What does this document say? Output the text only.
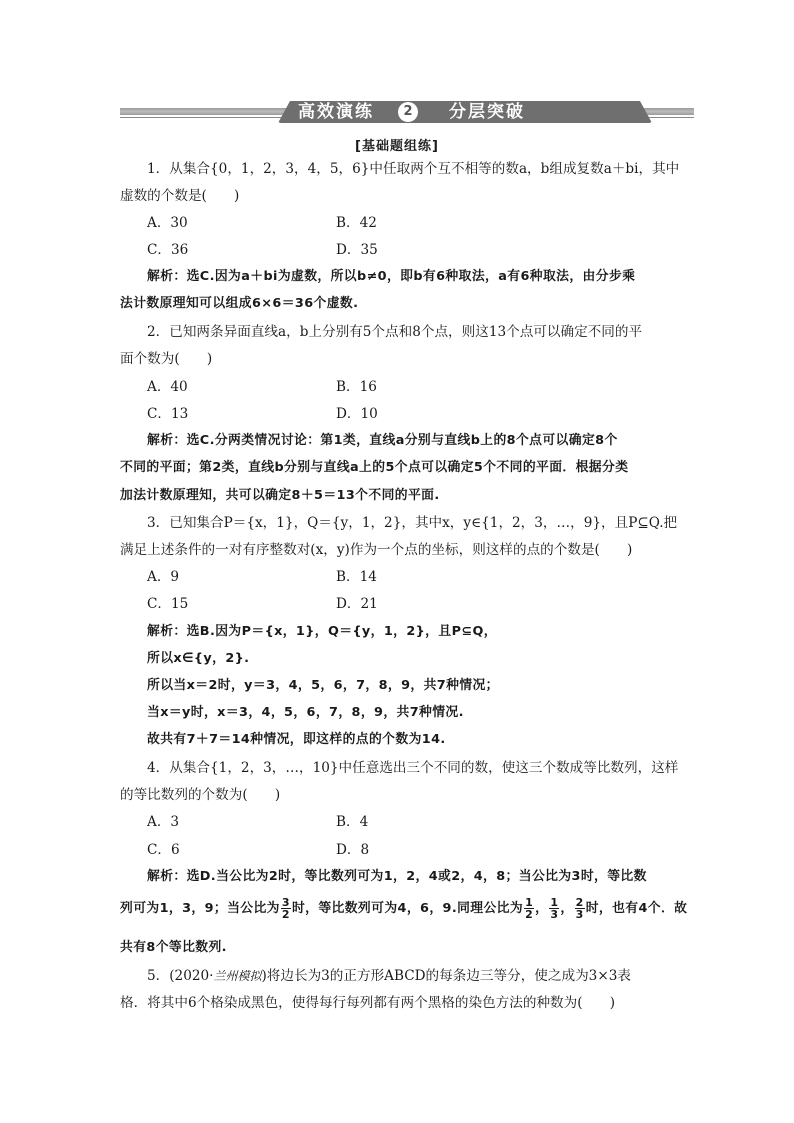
高效演练	2	分层突破
[基础题组练]
1．从集合{0，1，2，3，4，5，6}中任取两个互不相等的数a，b组成复数a＋bi，其中
虚数的个数是(　　)
A．30	B．42
C．36	D．35
解析：选C.因为a＋bi为虚数，所以b≠0，即b有6种取法，a有6种取法，由分步乘
法计数原理知可以组成6×6＝36个虚数.
2．已知两条异面直线a，b上分别有5个点和8个点，则这13个点可以确定不同的平
面个数为(　　)
A．40	B．16
C．13	D．10
解析：选C.分两类情况讨论：第1类，直线a分别与直线b上的8个点可以确定8个
不同的平面；第2类，直线b分别与直线a上的5个点可以确定5个不同的平面．根据分类
加法计数原理知，共可以确定8＋5＝13个不同的平面.
3．已知集合P＝{x，1}，Q＝{y，1，2}，其中x，y∈{1，2，3，…，9}，且P⊆Q.把
满足上述条件的一对有序整数对(x，y)作为一个点的坐标，则这样的点的个数是(　　)
A．9	B．14
C．15	D．21
解析：选B.因为P＝{x，1}，Q＝{y，1，2}，且P⊆Q，
所以x∈{y，2}.
所以当x＝2时，y＝3，4，5，6，7，8，9，共7种情况；
当x＝y时，x＝3，4，5，6，7，8，9，共7种情况.
故共有7＋7＝14种情况，即这样的点的个数为14.
4．从集合{1，2，3，…，10}中任意选出三个不同的数，使这三个数成等比数列，这样
的等比数列的个数为(　　)
A．3	B．4
C．6	D．8
解析：选D.当公比为2时，等比数列可为1，2，4或2，4，8；当公比为3时，等比数
列可为1，3，9；当公比为 $\frac{3}{2}$ 时，等比数列可为4，6，9.同理公比为 $\frac{1}{2}$ ， $\frac{1}{3}$ ， $\frac{2}{3}$ 时，也有4个．故
共有8个等比数列.
5．(2020·兰州模拟)将边长为3的正方形ABCD的每条边三等分，使之成为3×3表
格．将其中6个格染成黑色，使得每行每列都有两个黑格的染色方法的种数为(　　)
